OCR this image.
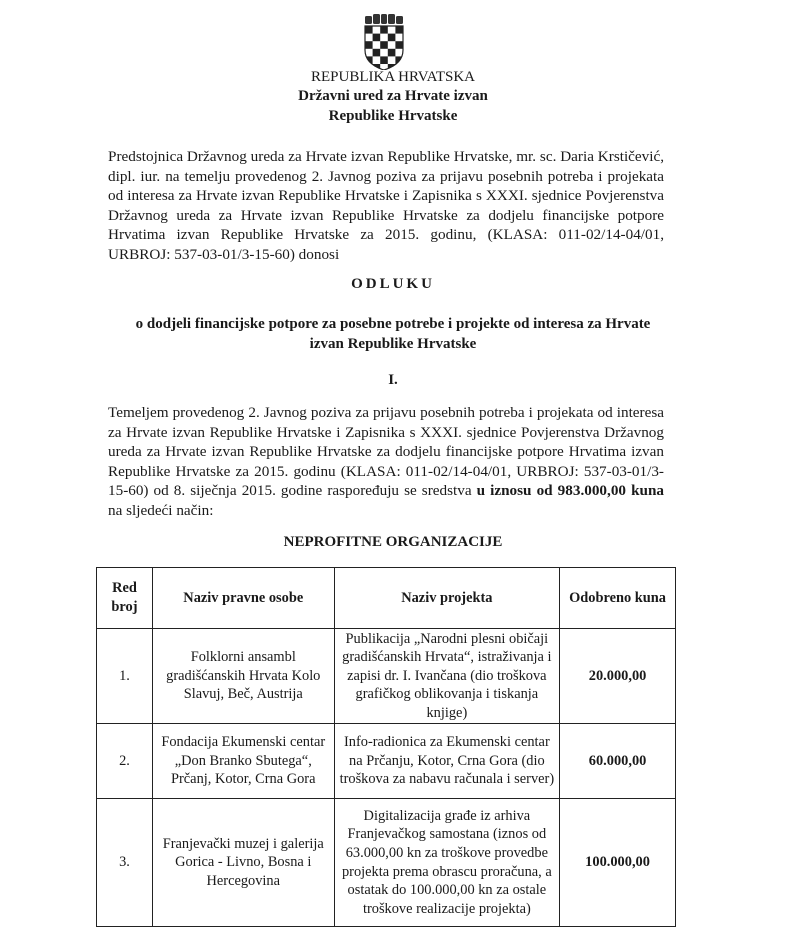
REPUBLIKA HRVATSKA
Državni ured za Hrvate izvan
Republike Hrvatske
Predstojnica Državnog ureda za Hrvate izvan Republike Hrvatske, mr. sc. Daria Krstičević, dipl. iur. na temelju provedenog 2. Javnog poziva za prijavu posebnih potreba i projekata od interesa za Hrvate izvan Republike Hrvatske i Zapisnika s XXXI. sjednice Povjerenstva Državnog ureda za Hrvate izvan Republike Hrvatske za dodjelu financijske potpore Hrvatima izvan Republike Hrvatske za 2015. godinu, (KLASA: 011-02/14-04/01, URBROJ: 537-03-01/3-15-60) donosi
ODLUKU
o dodjeli financijske potpore za posebne potrebe i projekte od interesa za Hrvate
izvan Republike Hrvatske
I.
Temeljem provedenog 2. Javnog poziva za prijavu posebnih potreba i projekata od interesa za Hrvate izvan Republike Hrvatske i Zapisnika s XXXI. sjednice Povjerenstva Državnog ureda za Hrvate izvan Republike Hrvatske za dodjelu financijske potpore Hrvatima izvan Republike Hrvatske za 2015. godinu (KLASA: 011-02/14-04/01, URBROJ: 537-03-01/3-15-60) od 8. siječnja 2015. godine raspoređuju se sredstva u iznosu od 983.000,00 kuna na sljedeći način:
NEPROFITNE ORGANIZACIJE
Red broj	Naziv pravne osobe	Naziv projekta	Odobreno kuna
1.	Folklorni ansambl gradišćanskih Hrvata Kolo Slavuj, Beč, Austrija	Publikacija „Narodni plesni običaji gradišćanskih Hrvata“, istraživanja i zapisi dr. I. Ivančana (dio troškova grafičkog oblikovanja i tiskanja knjige)	20.000,00
2.	Fondacija Ekumenski centar „Don Branko Sbutega“, Prčanj, Kotor, Crna Gora	Info-radionica za Ekumenski centar na Prčanju, Kotor, Crna Gora (dio troškova za nabavu računala i server)	60.000,00
3.	Franjevački muzej i galerija Gorica - Livno, Bosna i Hercegovina	Digitalizacija građe iz arhiva Franjevačkog samostana (iznos od 63.000,00 kn za troškove provedbe projekta prema obrascu proračuna, a ostatak do 100.000,00 kn za ostale troškove realizacije projekta)	100.000,00
